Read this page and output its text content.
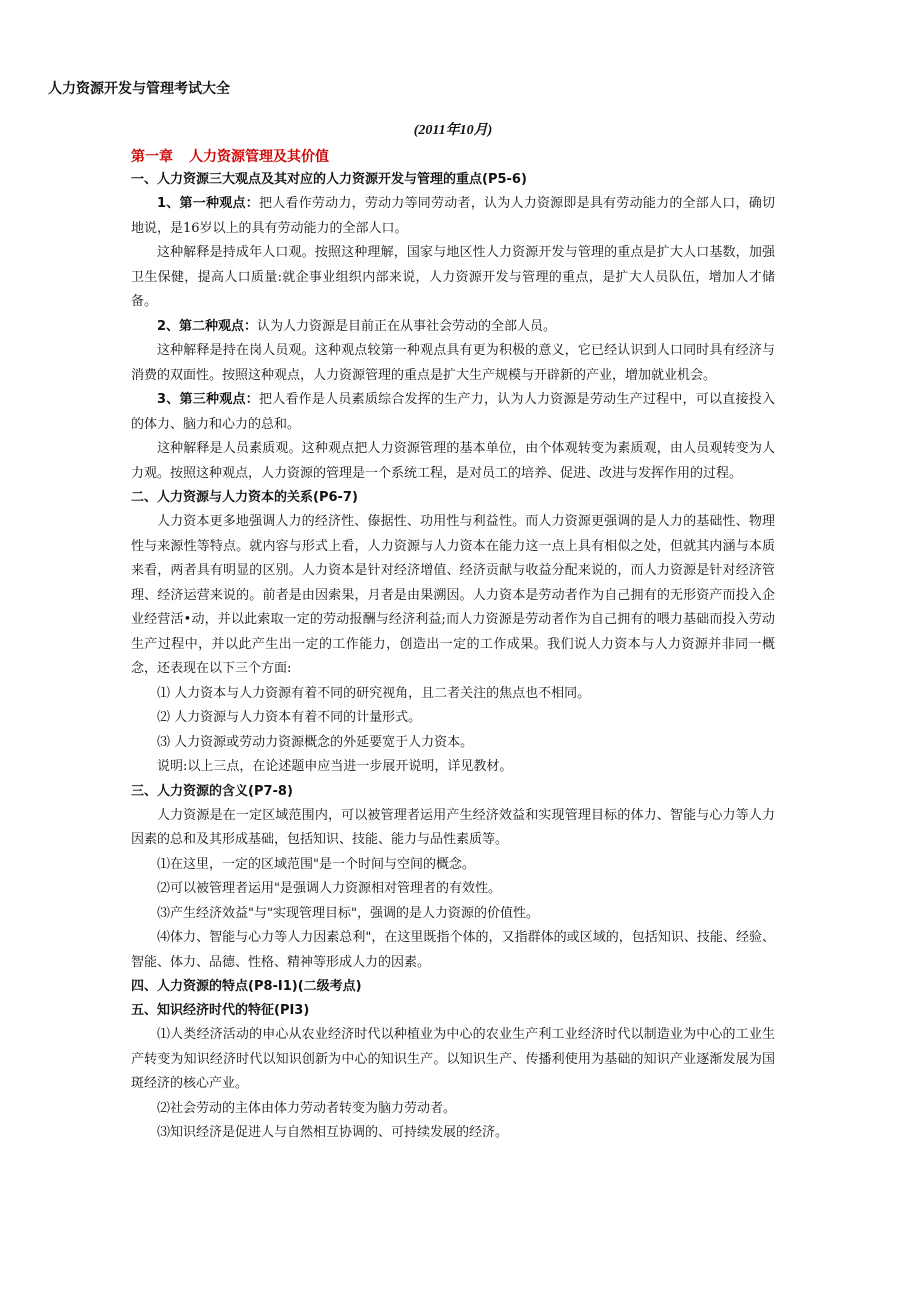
人力资源开发与管理考试大全
(2011年10月)
第一章 人力资源管理及其价值
一、人力资源三大观点及其对应的人力资源开发与管理的重点(P5-6)

1、第一种观点：把人看作劳动力，劳动力等同劳动者，认为人力资源即是具有劳动能力的全部人口，确切地说，是16岁以上的具有劳动能力的全部人口。

这种解释是持成年人口观。按照这种理解，国家与地区性人力资源开发与管理的重点是扩大人口基数，加强卫生保健，提高人口质量:就企事业组织内部来说，人力资源开发与管理的重点，是扩大人员队伍，增加人才储备。

2、第二种观点：认为人力资源是目前正在从事社会劳动的全部人员。

这种解释是持在岗人员观。这种观点较第一种观点具有更为积极的意义，它已经认识到人口同时具有经济与消费的双面性。按照这种观点，人力资源管理的重点是扩大生产规模与开辟新的产业，增加就业机会。

3、第三种观点：把人看作是人员素质综合发挥的生产力，认为人力资源是劳动生产过程中，可以直接投入的体力、脑力和心力的总和。

这种解释是人员素质观。这种观点把人力资源管理的基本单位，由个体观转变为素质观，由人员观转变为人力观。按照这种观点，人力资源的管理是一个系统工程，是对员工的培养、促进、改进与发挥作用的过程。

二、人力资源与人力资本的关系(P6-7)

人力资本更多地强调人力的经济性、傣据性、功用性与利益性。而人力资源更强调的是人力的基础性、物理性与来源性等特点。就内容与形式上看，人力资源与人力资本在能力这一点上具有相似之处，但就其内涵与本质来看，两者具有明显的区别。人力资本是针对经济增值、经济贡献与收益分配来说的，而人力资源是针对经济管理、经济运营来说的。前者是由因索果，月者是由果溯因。人力资本是劳动者作为自己拥有的无形资产而投入企业经营活•动，并以此索取一定的劳动报酬与经济利益;而人力资源是劳动者作为自己拥有的喂力基础而投入劳动生产过程中，并以此产生出一定的工作能力，创造出一定的工作成果。我们说人力资本与人力资源并非同一概念，还表现在以下三个方面:

⑴ 人力资本与人力资源有着不同的研究视角，且二者关注的焦点也不相同。

⑵ 人力资源与人力资本有着不同的计量形式。

⑶ 人力资源或劳动力资源概念的外延要宽于人力资本。

说明:以上三点，在论述题申应当进一步展开说明，详见教材。

三、人力资源的含义(P7-8)

人力资源是在一定区域范围内，可以被管理者运用产生经济效益和实现管理目标的体力、智能与心力等人力因素的总和及其形成基础，包括知识、技能、能力与品性素质等。

⑴在这里，一定的区域范围"是一个时间与空间的概念。

⑵可以被管理者运用"是强调人力资源相对管理者的有效性。

⑶产生经济效益"与"实现管理目标"，强调的是人力资源的价值性。

⑷体力、智能与心力等人力因素总利"，在这里既指个体的，又指群体的或区域的，包括知识、技能、经验、智能、体力、品德、性格、精神等形成人力的因素。

四、人力资源的特点(P8-I1)(二级考点)
五、知识经济时代的特征(PI3)

⑴人类经济活动的申心从农业经济时代以种植业为中心的农业生产利工业经济时代以制造业为中心的工业生产转变为知识经济时代以知识创新为中心的知识生产。以知识生产、传播利使用为基础的知识产业逐渐发展为国斑经济的核心产业。

⑵社会劳动的主体由体力劳动者转变为脑力劳动者。

⑶知识经济是促进人与自然相互协调的、可持续发展的经济。
